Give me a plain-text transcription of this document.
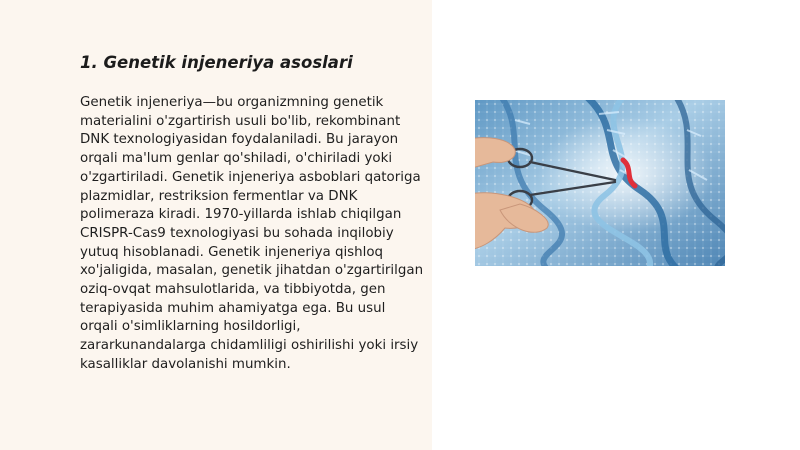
1. Genetik injeneriya asoslari

Genetik injeneriya—bu organizmning genetik materialini o'zgartirish usuli bo'lib, rekombinant DNK texnologiyasidan foydalaniladi. Bu jarayon orqali ma'lum genlar qo'shiladi, o'chiriladi yoki o'zgartiriladi. Genetik injeneriya asboblari qatoriga plazmidlar, restriksion fermentlar va DNK polimeraza kiradi. 1970-yillarda ishlab chiqilgan CRISPR-Cas9 texnologiyasi bu sohada inqilobiy yutuq hisoblanadi. Genetik injeneriya qishloq xo'jaligida, masalan, genetik jihatdan o'zgartirilgan oziq-ovqat mahsulotlarida, va tibbiyotda, gen terapiyasida muhim ahamiyatga ega. Bu usul orqali o'simliklarning hosildorligi, zararkunandalarga chidamliligi oshirilishi yoki irsiy kasalliklar davolanishi mumkin.
